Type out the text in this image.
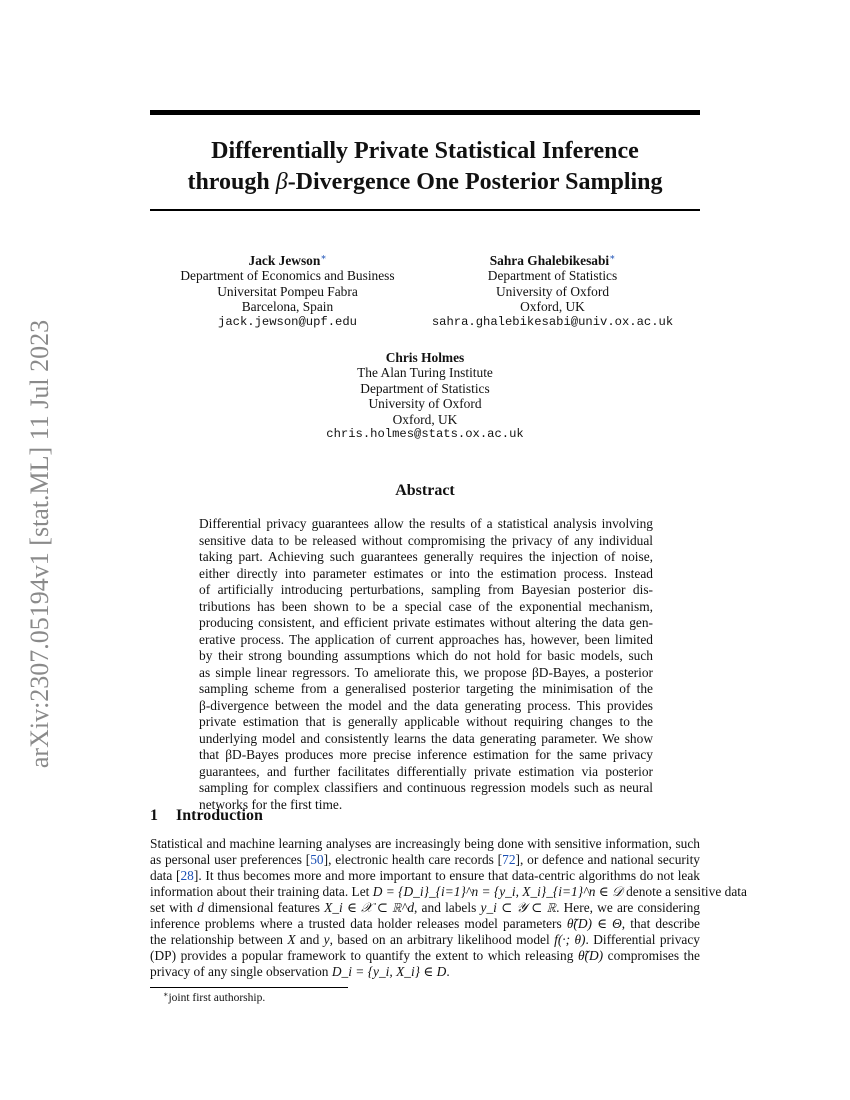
arXiv:2307.05194v1 [stat.ML] 11 Jul 2023
Differentially Private Statistical Inference
through β-Divergence One Posterior Sampling
Jack Jewson∗
Department of Economics and Business
Universitat Pompeu Fabra
Barcelona, Spain
jack.jewson@upf.edu
Sahra Ghalebikesabi∗
Department of Statistics
University of Oxford
Oxford, UK
sahra.ghalebikesabi@univ.ox.ac.uk
Chris Holmes
The Alan Turing Institute
Department of Statistics
University of Oxford
Oxford, UK
chris.holmes@stats.ox.ac.uk
Abstract
Differential privacy guarantees allow the results of a statistical analysis involving
sensitive data to be released without compromising the privacy of any individual
taking part. Achieving such guarantees generally requires the injection of noise,
either directly into parameter estimates or into the estimation process. Instead
of artificially introducing perturbations, sampling from Bayesian posterior dis-
tributions has been shown to be a special case of the exponential mechanism,
producing consistent, and efficient private estimates without altering the data gen-
erative process. The application of current approaches has, however, been limited
by their strong bounding assumptions which do not hold for basic models, such
as simple linear regressors. To ameliorate this, we propose βD-Bayes, a posterior
sampling scheme from a generalised posterior targeting the minimisation of the
β-divergence between the model and the data generating process. This provides
private estimation that is generally applicable without requiring changes to the
underlying model and consistently learns the data generating parameter. We show
that βD-Bayes produces more precise inference estimation for the same privacy
guarantees, and further facilitates differentially private estimation via posterior
sampling for complex classifiers and continuous regression models such as neural
networks for the first time.
1 Introduction
Statistical and machine learning analyses are increasingly being done with sensitive information, such
as personal user preferences [50], electronic health care records [72], or defence and national security
data [28]. It thus becomes more and more important to ensure that data-centric algorithms do not leak
information about their training data. Let D = {D_i}_{i=1}^n = {y_i, X_i}_{i=1}^n ∈ 𝒟 denote a sensitive data
set with d dimensional features X_i ∈ 𝒳 ⊂ ℝ^d, and labels y_i ⊂ 𝒴 ⊂ ℝ. Here, we are considering
inference problems where a trusted data holder releases model parameters θ̃(D) ∈ Θ, that describe
the relationship between X and y, based on an arbitrary likelihood model f(·; θ). Differential privacy
(DP) provides a popular framework to quantify the extent to which releasing θ̃(D) compromises the
privacy of any single observation D_i = {y_i, X_i} ∈ D.
∗joint first authorship.
